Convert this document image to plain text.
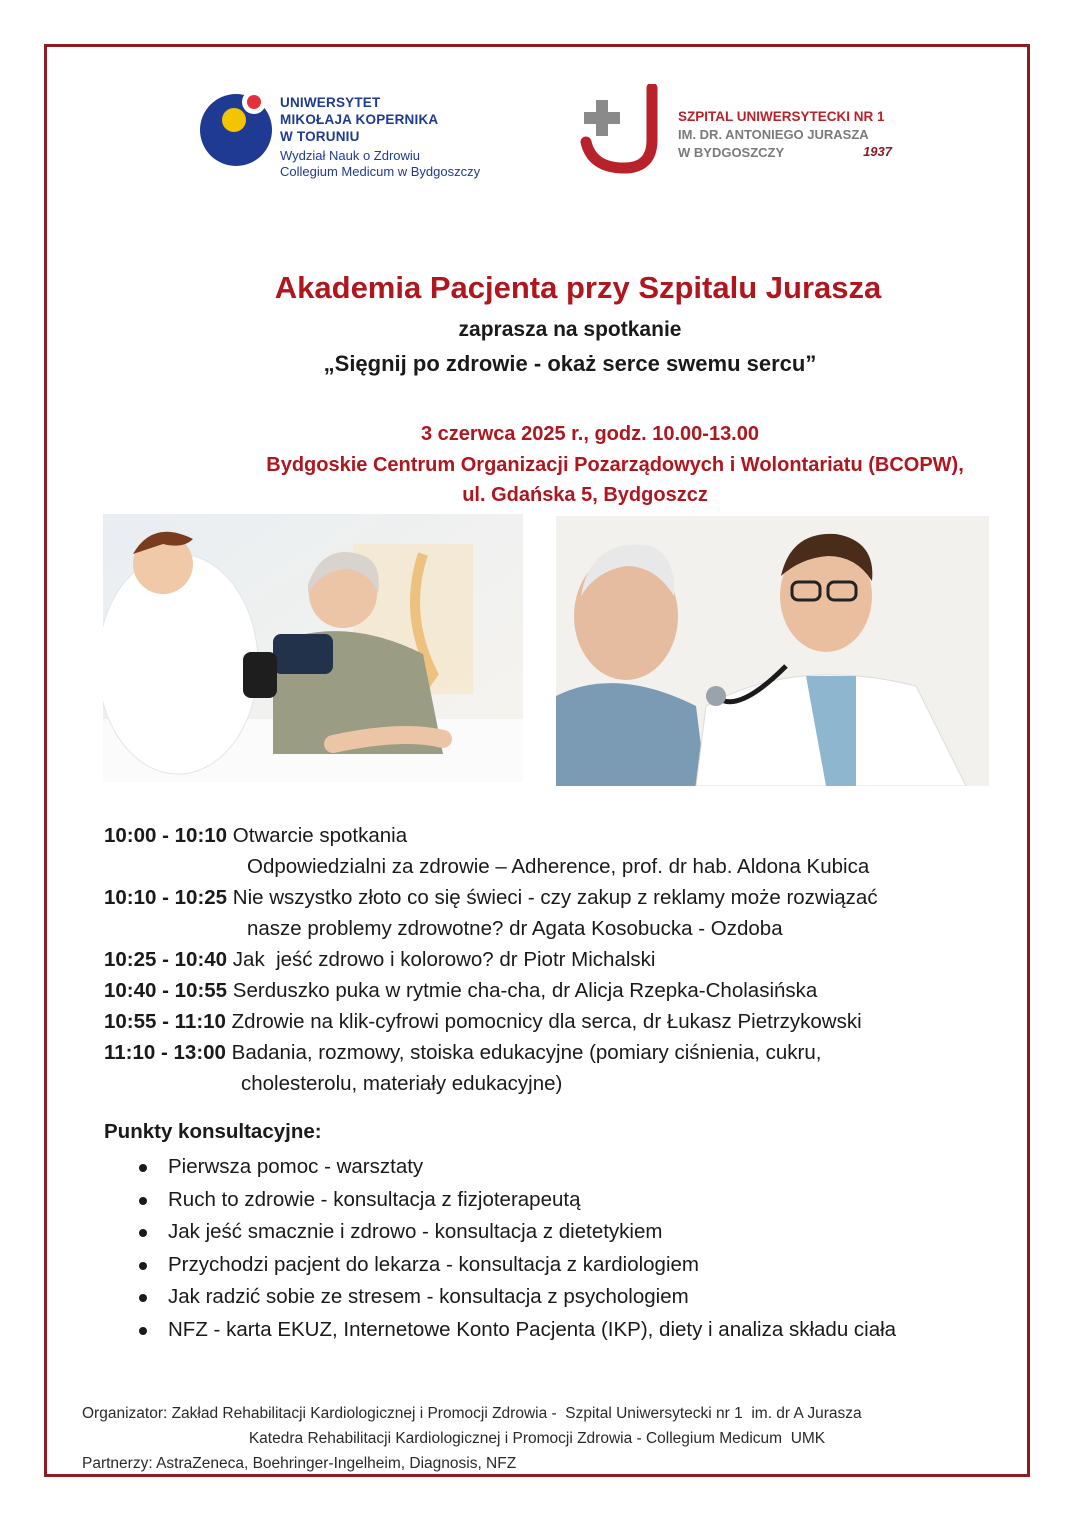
UNIWERSYTET
MIKOŁAJA KOPERNIKA
W TORUNIU
Wydział Nauk o Zdrowiu
Collegium Medicum w Bydgoszczy
SZPITAL UNIWERSYTECKI NR 1
IM. DR. ANTONIEGO JURASZA
W BYDGOSZCZY	1937
Akademia Pacjenta przy Szpitalu Jurasza
zaprasza na spotkanie
„Sięgnij po zdrowie - okaż serce swemu sercu”
3 czerwca 2025 r., godz. 10.00-13.00
Bydgoskie Centrum Organizacji Pozarządowych i Wolontariatu (BCOPW),
ul. Gdańska 5, Bydgoszcz
10:00 - 10:10 Otwarcie spotkania
Odpowiedzialni za zdrowie – Adherence, prof. dr hab. Aldona Kubica
10:10 - 10:25 Nie wszystko złoto co się świeci - czy zakup z reklamy może rozwiązać
nasze problemy zdrowotne? dr Agata Kosobucka - Ozdoba
10:25 - 10:40 Jak  jeść zdrowo i kolorowo? dr Piotr Michalski
10:40 - 10:55 Serduszko puka w rytmie cha-cha, dr Alicja Rzepka-Cholasińska
10:55 - 11:10 Zdrowie na klik-cyfrowi pomocnicy dla serca, dr Łukasz Pietrzykowski
11:10 - 13:00 Badania, rozmowy, stoiska edukacyjne (pomiary ciśnienia, cukru,
cholesterolu, materiały edukacyjne)
Punkty konsultacyjne:
Pierwsza pomoc - warsztaty
Ruch to zdrowie - konsultacja z fizjoterapeutą
Jak jeść smacznie i zdrowo - konsultacja z dietetykiem
Przychodzi pacjent do lekarza - konsultacja z kardiologiem
Jak radzić sobie ze stresem - konsultacja z psychologiem
NFZ - karta EKUZ, Internetowe Konto Pacjenta (IKP), diety i analiza składu ciała
Organizator: Zakład Rehabilitacji Kardiologicznej i Promocji Zdrowia -  Szpital Uniwersytecki nr 1  im. dr A Jurasza
Katedra Rehabilitacji Kardiologicznej i Promocji Zdrowia - Collegium Medicum  UMK
Partnerzy: AstraZeneca, Boehringer-Ingelheim, Diagnosis, NFZ
